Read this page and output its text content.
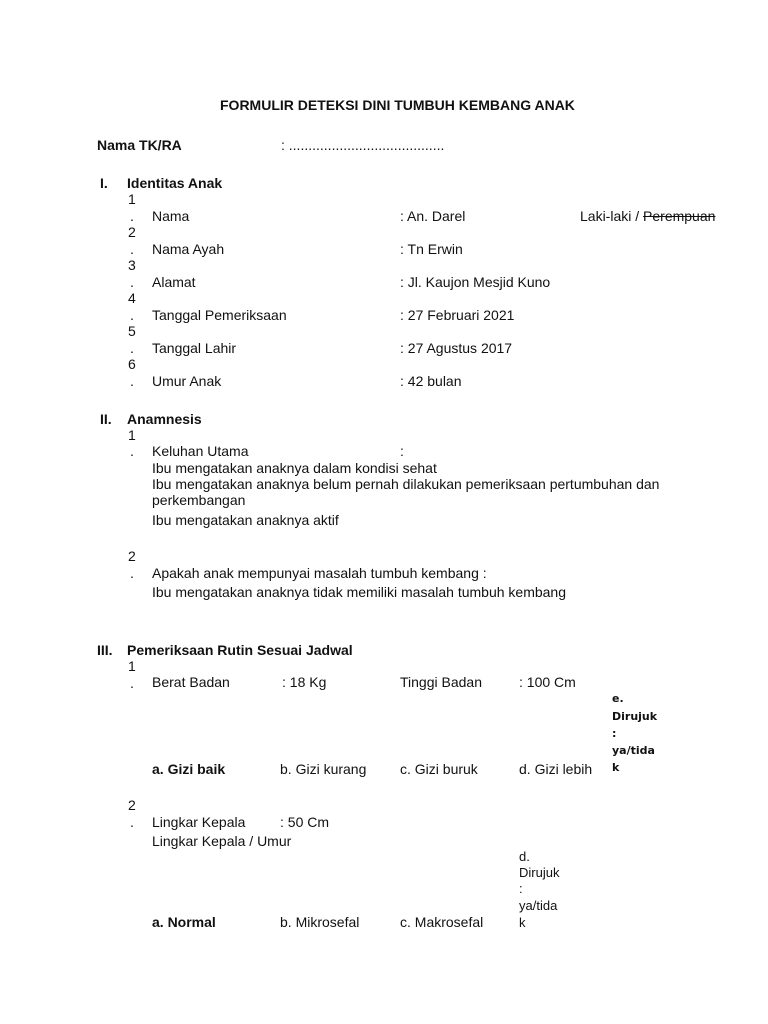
FORMULIR DETEKSI DINI TUMBUH KEMBANG ANAK
Nama TK/RA	: ........................................
I. Identitas Anak
1
. Nama	: An. Darel	Laki-laki / Perempuan
2
. Nama Ayah	: Tn Erwin
3
. Alamat	: Jl. Kaujon Mesjid Kuno
4
. Tanggal Pemeriksaan	: 27 Februari 2021
5
. Tanggal Lahir	: 27 Agustus 2017
6
. Umur Anak	: 42 bulan
II. Anamnesis
1
. Keluhan Utama	:
Ibu mengatakan anaknya dalam kondisi sehat
Ibu mengatakan anaknya belum pernah dilakukan pemeriksaan pertumbuhan dan
perkembangan
Ibu mengatakan anaknya aktif
2
. Apakah anak mempunyai masalah tumbuh kembang :
Ibu mengatakan anaknya tidak memiliki masalah tumbuh kembang
III. Pemeriksaan Rutin Sesuai Jadwal
1
. Berat Badan	: 18 Kg	Tinggi Badan	: 100 Cm
e.
Dirujuk
:
ya/tida
k
a. Gizi baik	b. Gizi kurang c. Gizi buruk	d. Gizi lebih
2
. Lingkar Kepala : 50 Cm
Lingkar Kepala / Umur
d.
Dirujuk
:
ya/tida
k
a. Normal	b. Mikrosefal	c. Makrosefal
